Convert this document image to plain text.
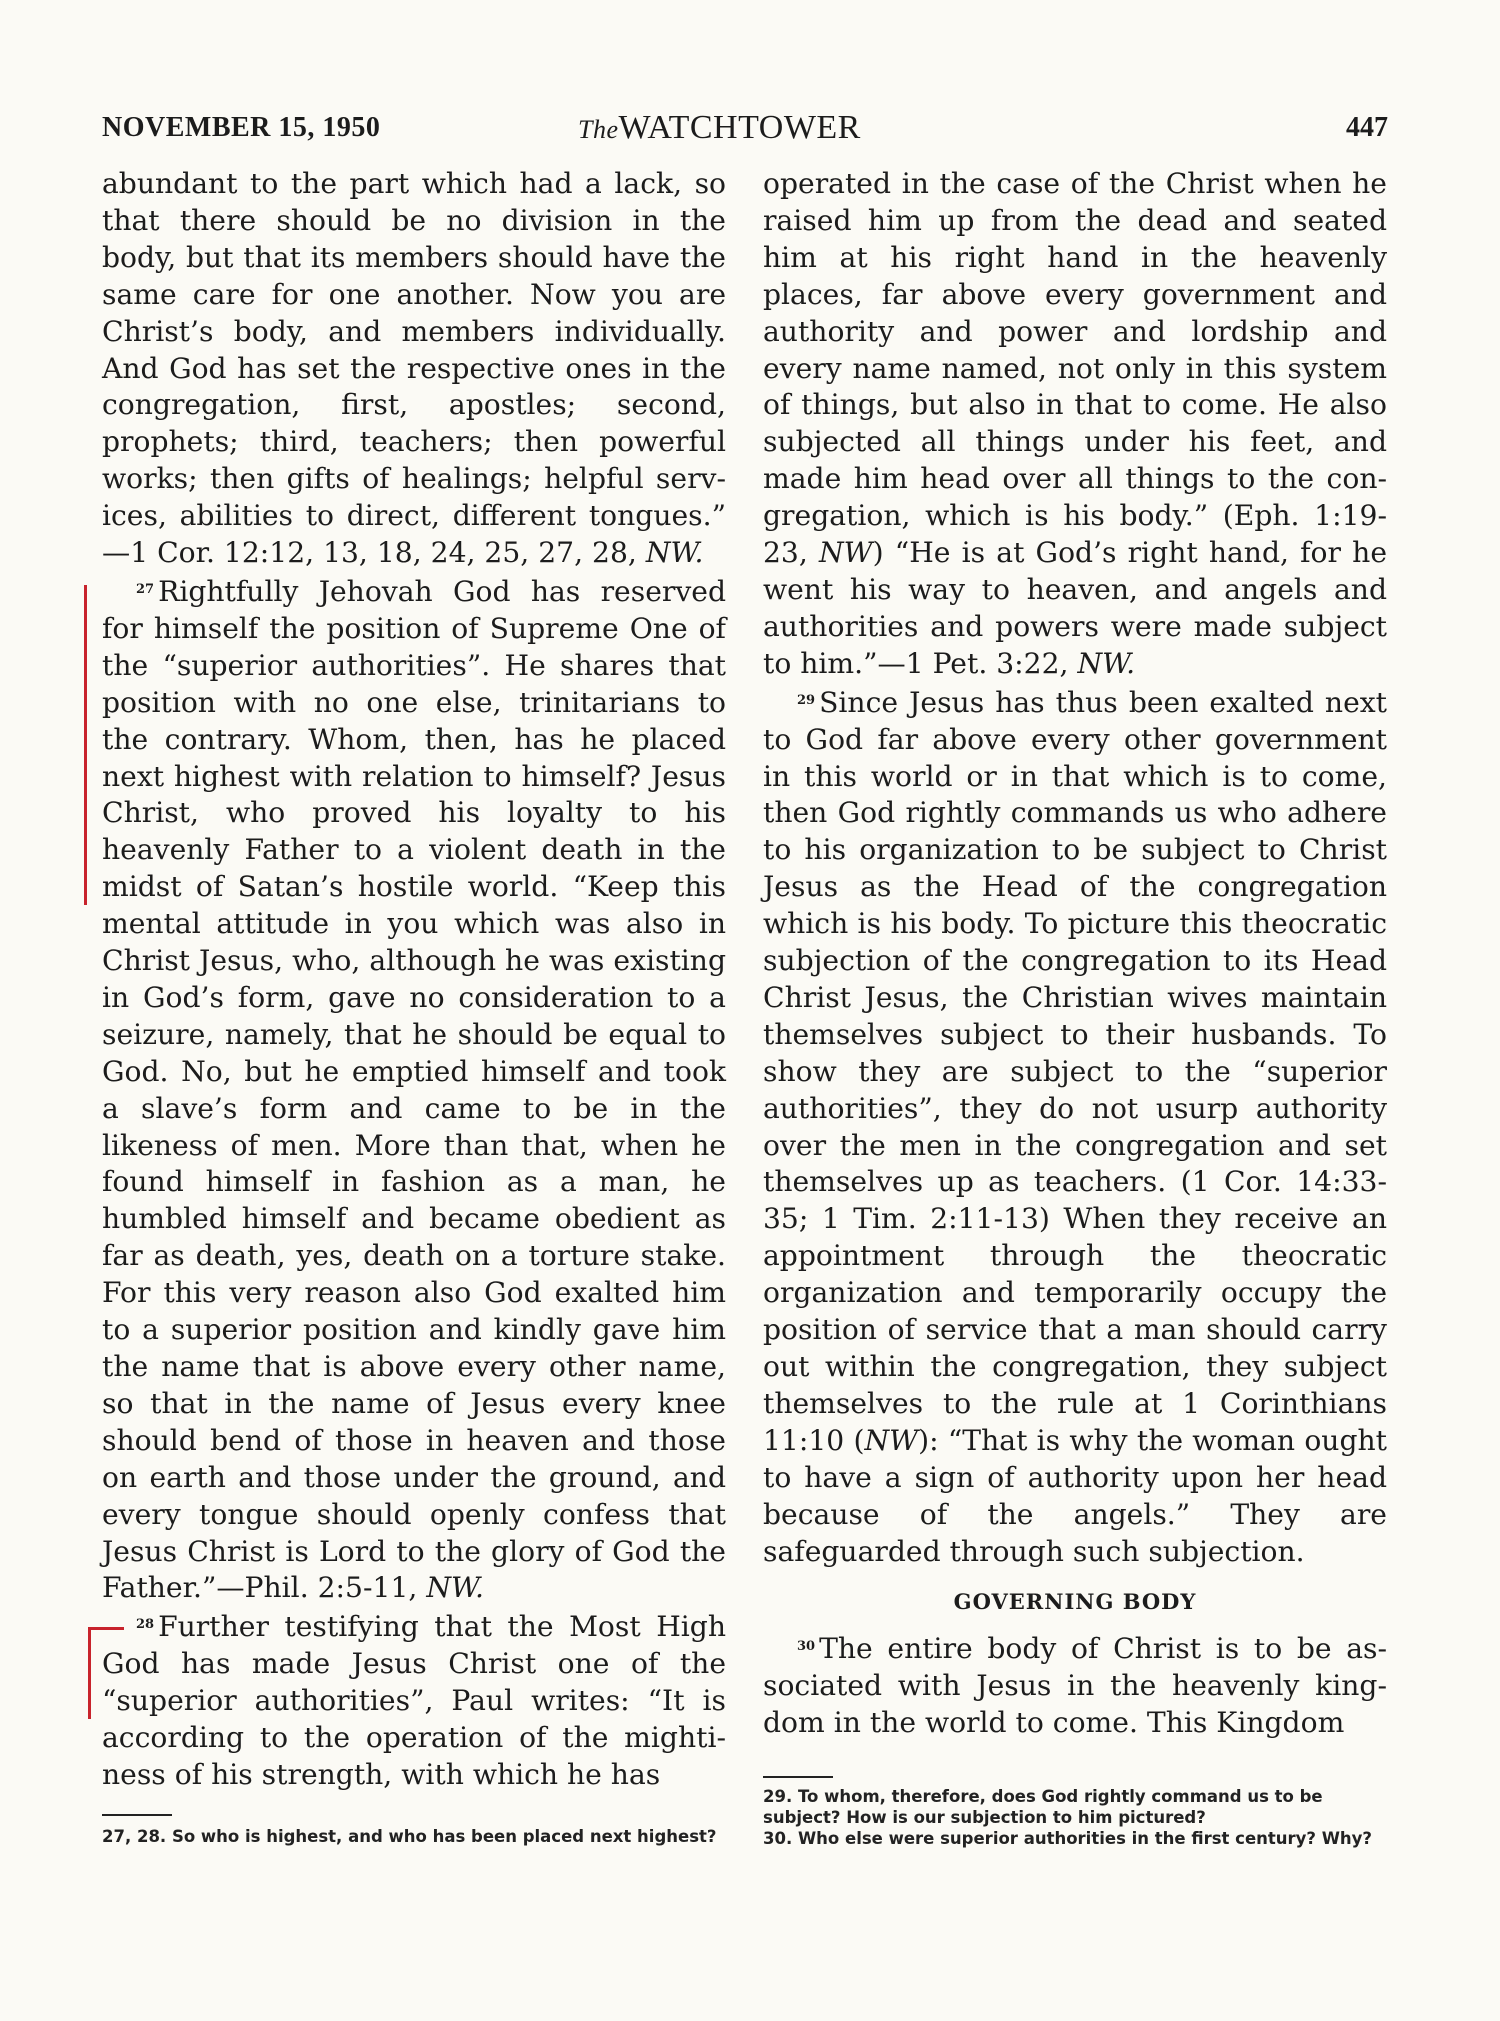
NOVEMBER 15, 1950	TheWATCHTOWER	447

abundant to the part which had a lack, so that there should be no division in the body, but that its members should have the same care for one another. Now you are Christ’s body, and members individually. And God has set the respective ones in the congregation, first, apostles; second, prophets; third, teachers; then powerful works; then gifts of healings; helpful services, abilities to direct, different tongues.” —1 Cor. 12:12, 13, 18, 24, 25, 27, 28, NW.

$^{27}$ Rightfully Jehovah God has reserved for himself the position of Supreme One of the “superior authorities”. He shares that position with no one else, trinitarians to the contrary. Whom, then, has he placed next highest with relation to himself? Jesus Christ, who proved his loyalty to his heavenly Father to a violent death in the midst of Satan’s hostile world. “Keep this mental attitude in you which was also in Christ Jesus, who, although he was existing in God’s form, gave no consideration to a seizure, namely, that he should be equal to God. No, but he emptied himself and took a slave’s form and came to be in the likeness of men. More than that, when he found himself in fashion as a man, he humbled himself and became obedient as far as death, yes, death on a torture stake. For this very reason also God exalted him to a superior position and kindly gave him the name that is above every other name, so that in the name of Jesus every knee should bend of those in heaven and those on earth and those under the ground, and every tongue should openly confess that Jesus Christ is Lord to the glory of God the Father.”—Phil. 2:5-11, NW.

$^{28}$ Further testifying that the Most High God has made Jesus Christ one of the “superior authorities”, Paul writes: “It is according to the operation of the mightiness of his strength, with which he has

operated in the case of the Christ when he raised him up from the dead and seated him at his right hand in the heavenly places, far above every government and authority and power and lordship and every name named, not only in this system of things, but also in that to come. He also subjected all things under his feet, and made him head over all things to the congregation, which is his body.” (Eph. 1:19-23, NW) “He is at God’s right hand, for he went his way to heaven, and angels and authorities and powers were made subject to him.”—1 Pet. 3:22, NW.

$^{29}$ Since Jesus has thus been exalted next to God far above every other government in this world or in that which is to come, then God rightly commands us who adhere to his organization to be subject to Christ Jesus as the Head of the congregation which is his body. To picture this theocratic subjection of the congregation to its Head Christ Jesus, the Christian wives maintain themselves subject to their husbands. To show they are subject to the “superior authorities”, they do not usurp authority over the men in the congregation and set themselves up as teachers. (1 Cor. 14:33-35; 1 Tim. 2:11-13) When they receive an appointment through the theocratic organization and temporarily occupy the position of service that a man should carry out within the congregation, they subject themselves to the rule at 1 Corinthians 11:10 (NW): “That is why the woman ought to have a sign of authority upon her head because of the angels.” They are safeguarded through such subjection.

GOVERNING BODY

$^{30}$ The entire body of Christ is to be associated with Jesus in the heavenly kingdom in the world to come. This Kingdom

27, 28. So who is highest, and who has been placed next highest?
29. To whom, therefore, does God rightly command us to be subject? How is our subjection to him pictured?
30. Who else were superior authorities in the first century? Why?
